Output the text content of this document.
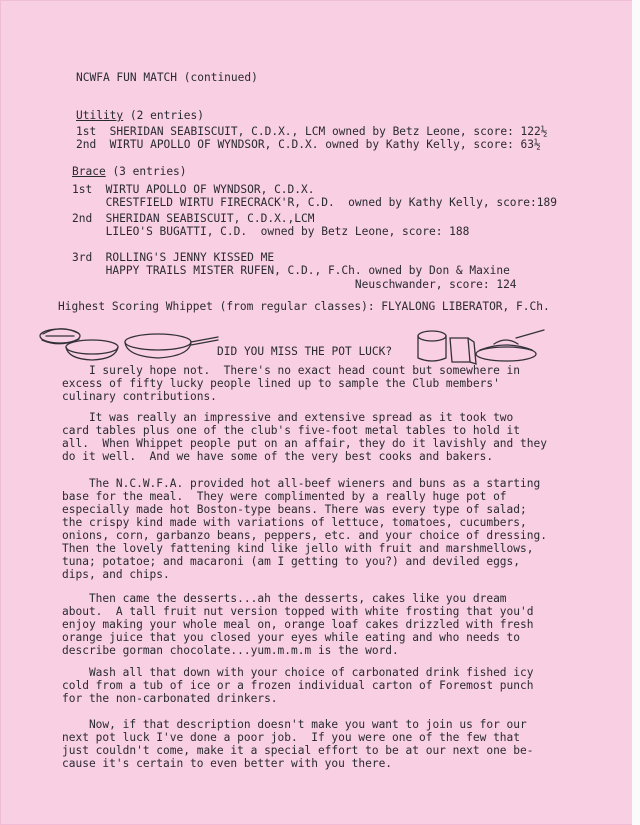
NCWFA FUN MATCH (continued)
Utility (2 entries)
1st  SHERIDAN SEABISCUIT, C.D.X., LCM owned by Betz Leone, score: 122½
2nd  WIRTU APOLLO OF WYNDSOR, C.D.X. owned by Kathy Kelly, score: 63½
Brace (3 entries)
1st  WIRTU APOLLO OF WYNDSOR, C.D.X.
CRESTFIELD WIRTU FIRECRACK'R, C.D.  owned by Kathy Kelly, score:189
2nd  SHERIDAN SEABISCUIT, C.D.X.,LCM
LILEO'S BUGATTI, C.D.  owned by Betz Leone, score: 188
3rd  ROLLING'S JENNY KISSED ME
HAPPY TRAILS MISTER RUFEN, C.D., F.Ch. owned by Don & Maxine
Neuschwander, score: 124
Highest Scoring Whippet (from regular classes): FLYALONG LIBERATOR, F.Ch.
DID YOU MISS THE POT LUCK?
I surely hope not.  There's no exact head count but somewhere in
excess of fifty lucky people lined up to sample the Club members'
culinary contributions.
It was really an impressive and extensive spread as it took two
card tables plus one of the club's five-foot metal tables to hold it
all.  When Whippet people put on an affair, they do it lavishly and they
do it well.  And we have some of the very best cooks and bakers.
The N.C.W.F.A. provided hot all-beef wieners and buns as a starting
base for the meal.  They were complimented by a really huge pot of
especially made hot Boston-type beans. There was every type of salad;
the crispy kind made with variations of lettuce, tomatoes, cucumbers,
onions, corn, garbanzo beans, peppers, etc. and your choice of dressing.
Then the lovely fattening kind like jello with fruit and marshmellows,
tuna; potatoe; and macaroni (am I getting to you?) and deviled eggs,
dips, and chips.
Then came the desserts...ah the desserts, cakes like you dream
about.  A tall fruit nut version topped with white frosting that you'd
enjoy making your whole meal on, orange loaf cakes drizzled with fresh
orange juice that you closed your eyes while eating and who needs to
describe gorman chocolate...yum.m.m.m is the word.
Wash all that down with your choice of carbonated drink fished icy
cold from a tub of ice or a frozen individual carton of Foremost punch
for the non-carbonated drinkers.
Now, if that description doesn't make you want to join us for our
next pot luck I've done a poor job.  If you were one of the few that
just couldn't come, make it a special effort to be at our next one be-
cause it's certain to even better with you there.
